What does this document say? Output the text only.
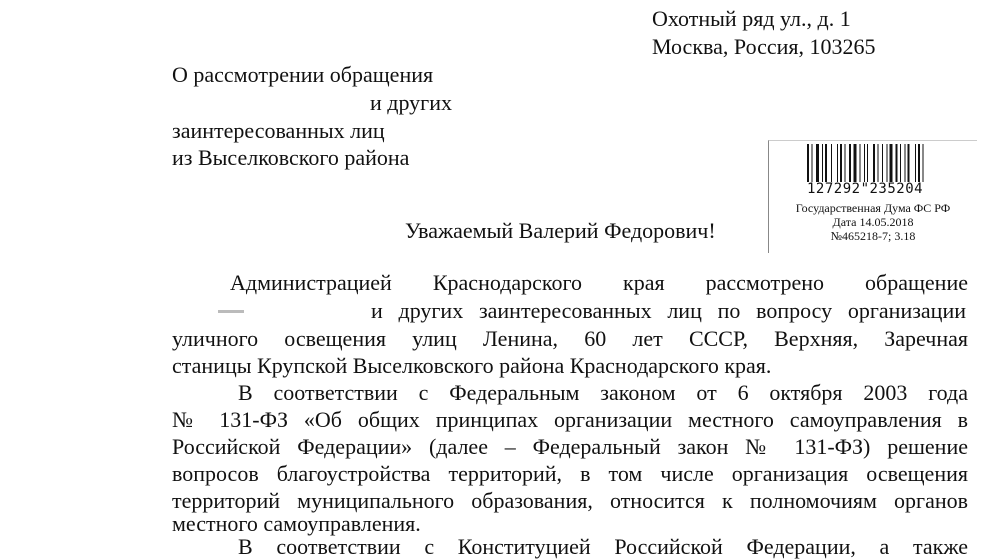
Охотный ряд ул., д. 1
Москва, Россия, 103265
О рассмотрении обращения
и других
заинтересованных лиц
из Выселковского района
127292"235204
Государственная Дума ФС РФ
Дата 14.05.2018
№465218-7; 3.18
Уважаемый Валерий Федорович!
Администрацией Краснодарского края рассмотрено обращение
и других заинтересованных лиц по вопросу организации
уличного освещения улиц Ленина, 60 лет СССР, Верхняя, Заречная
станицы Крупской Выселковского района Краснодарского края.
В соответствии с Федеральным законом от 6 октября 2003 года
№ 131-ФЗ «Об общих принципах организации местного самоуправления в
Российской Федерации» (далее – Федеральный закон № 131-ФЗ) решение
вопросов благоустройства территорий, в том числе организация освещения
территорий муниципального образования, относится к полномочиям органов
местного самоуправления.
В соответствии с Конституцией Российской Федерации, а также
